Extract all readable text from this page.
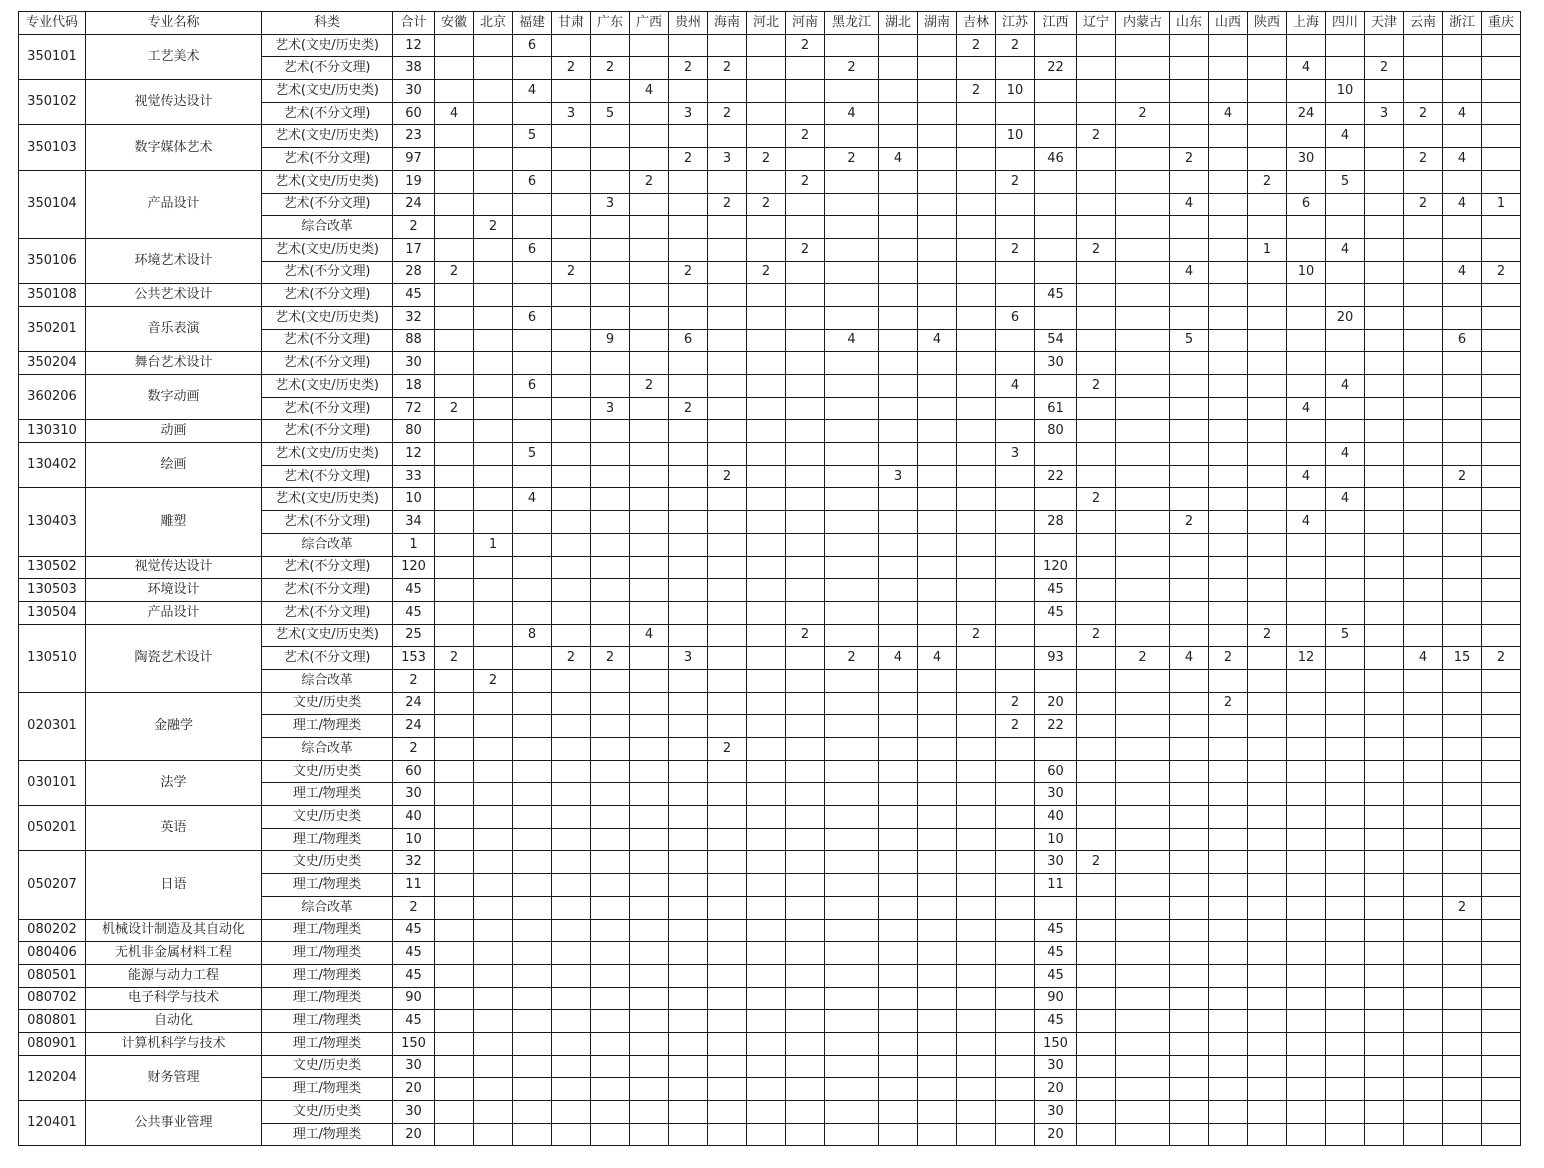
专业代码	专业名称	科类	合计	安徽	北京	福建	甘肃	广东	广西	贵州	海南	河北	河南	黑龙江	湖北	湖南	吉林	江苏	江西	辽宁	内蒙古	山东	山西	陕西	上海	四川	天津	云南	浙江	重庆
350101	工艺美术	艺术(文史/历史类)	12			6							2				2	2												
		艺术(不分文理)	38				2	2		2	2			2					22						4		2			
350102	视觉传达设计	艺术(文史/历史类)	30			4			4								2	10								10				
		艺术(不分文理)	60	4			3	5		3	2			4							2		4		24		3	2	4	
350103	数字媒体艺术	艺术(文史/历史类)	23			5							2					10		2						4				
		艺术(不分文理)	97							2	3	2		2	4				46			2			30			2	4	
350104	产品设计	艺术(文史/历史类)	19			6			2				2					2						2		5				
		艺术(不分文理)	24					3			2	2										4			6			2	4	1
		综合改革	2		2																									
350106	环境艺术设计	艺术(文史/历史类)	17			6							2					2		2				1		4				
		艺术(不分文理)	28	2			2			2		2										4			10				4	2
350108	公共艺术设计	艺术(不分文理)	45																45											
350201	音乐表演	艺术(文史/历史类)	32			6												6								20				
		艺术(不分文理)	88					9		6				4		4			54			5							6	
350204	舞台艺术设计	艺术(不分文理)	30																30											
360206	数字动画	艺术(文史/历史类)	18			6			2									4		2						4				
		艺术(不分文理)	72	2				3		2									61						4					
130310	动画	艺术(不分文理)	80																80											
130402	绘画	艺术(文史/历史类)	12			5												3								4				
		艺术(不分文理)	33								2				3				22						4				2	
130403	雕塑	艺术(文史/历史类)	10			4														2						4				
		艺术(不分文理)	34																28			2			4					
		综合改革	1		1																									
130502	视觉传达设计	艺术(不分文理)	120																120											
130503	环境设计	艺术(不分文理)	45																45											
130504	产品设计	艺术(不分文理)	45																45											
130510	陶瓷艺术设计	艺术(文史/历史类)	25			8			4				2				2			2				2		5				
		艺术(不分文理)	153	2			2	2		3				2	4	4			93		2	4	2		12			4	15	2
		综合改革	2		2																									
020301	金融学	文史/历史类	24															2	20				2							
		理工/物理类	24															2	22											
		综合改革	2								2																			
030101	法学	文史/历史类	60																60											
		理工/物理类	30																30											
050201	英语	文史/历史类	40																40											
		理工/物理类	10																10											
050207	日语	文史/历史类	32																30	2										
		理工/物理类	11																11											
		综合改革	2																										2	
080202	机械设计制造及其自动化	理工/物理类	45																45											
080406	无机非金属材料工程	理工/物理类	45																45											
080501	能源与动力工程	理工/物理类	45																45											
080702	电子科学与技术	理工/物理类	90																90											
080801	自动化	理工/物理类	45																45											
080901	计算机科学与技术	理工/物理类	150																150											
120204	财务管理	文史/历史类	30																30											
		理工/物理类	20																20											
120401	公共事业管理	文史/历史类	30																30											
		理工/物理类	20																20											
